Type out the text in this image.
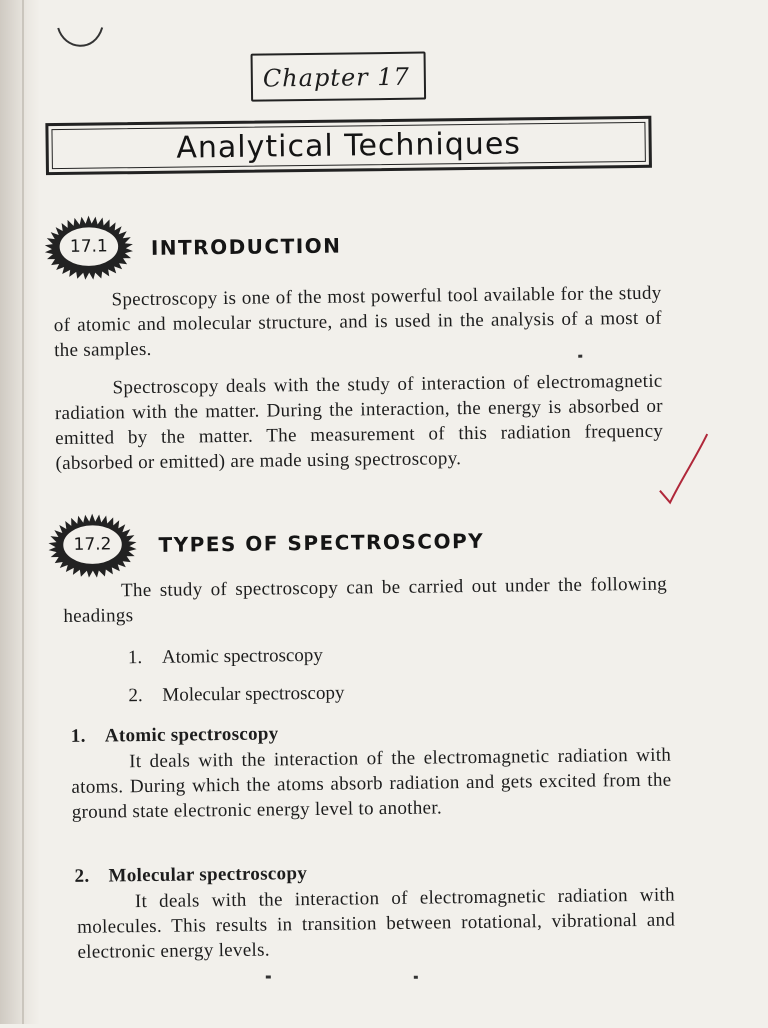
Chapter 17
Analytical Techniques
17.1	INTRODUCTION
Spectroscopy is one of the most powerful tool available for the study of atomic and molecular structure, and is used in the analysis of a most of the samples.
Spectroscopy deals with the study of interaction of electromagnetic radiation with the matter. During the interaction, the energy is absorbed or emitted by the matter. The measurement of this radiation frequency (absorbed or emitted) are made using spectroscopy.
17.2	TYPES OF SPECTROSCOPY
The study of spectroscopy can be carried out under the following headings
1. Atomic spectroscopy
2. Molecular spectroscopy
1. Atomic spectroscopy
It deals with the interaction of the electromagnetic radiation with atoms. During which the atoms absorb radiation and gets excited from the ground state electronic energy level to another.
2. Molecular spectroscopy
It deals with the interaction of electromagnetic radiation with molecules. This results in transition between rotational, vibrational and electronic energy levels.
